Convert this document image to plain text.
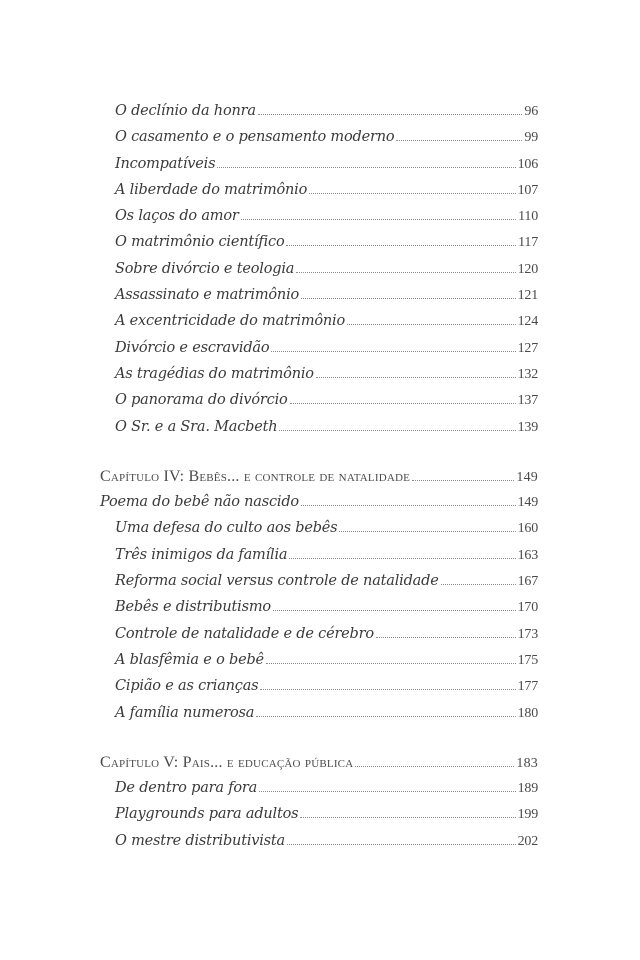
O declínio da honra	96
O casamento e o pensamento moderno	99
Incompatíveis	106
A liberdade do matrimônio	107
Os laços do amor	110
O matrimônio científico	117
Sobre divórcio e teologia	120
Assassinato e matrimônio	121
A excentricidade do matrimônio	124
Divórcio e escravidão	127
As tragédias do matrimônio	132
O panorama do divórcio	137
O Sr. e a Sra. Macbeth	139
Capítulo IV: Bebês... e controle de natalidade	149
Poema do bebê não nascido	149
Uma defesa do culto aos bebês	160
Três inimigos da família	163
Reforma social versus controle de natalidade	167
Bebês e distributismo	170
Controle de natalidade e de cérebro	173
A blasfêmia e o bebê	175
Cipião e as crianças	177
A família numerosa	180
Capítulo V: Pais... e educação pública	183
De dentro para fora	189
Playgrounds para adultos	199
O mestre distributivista	202
